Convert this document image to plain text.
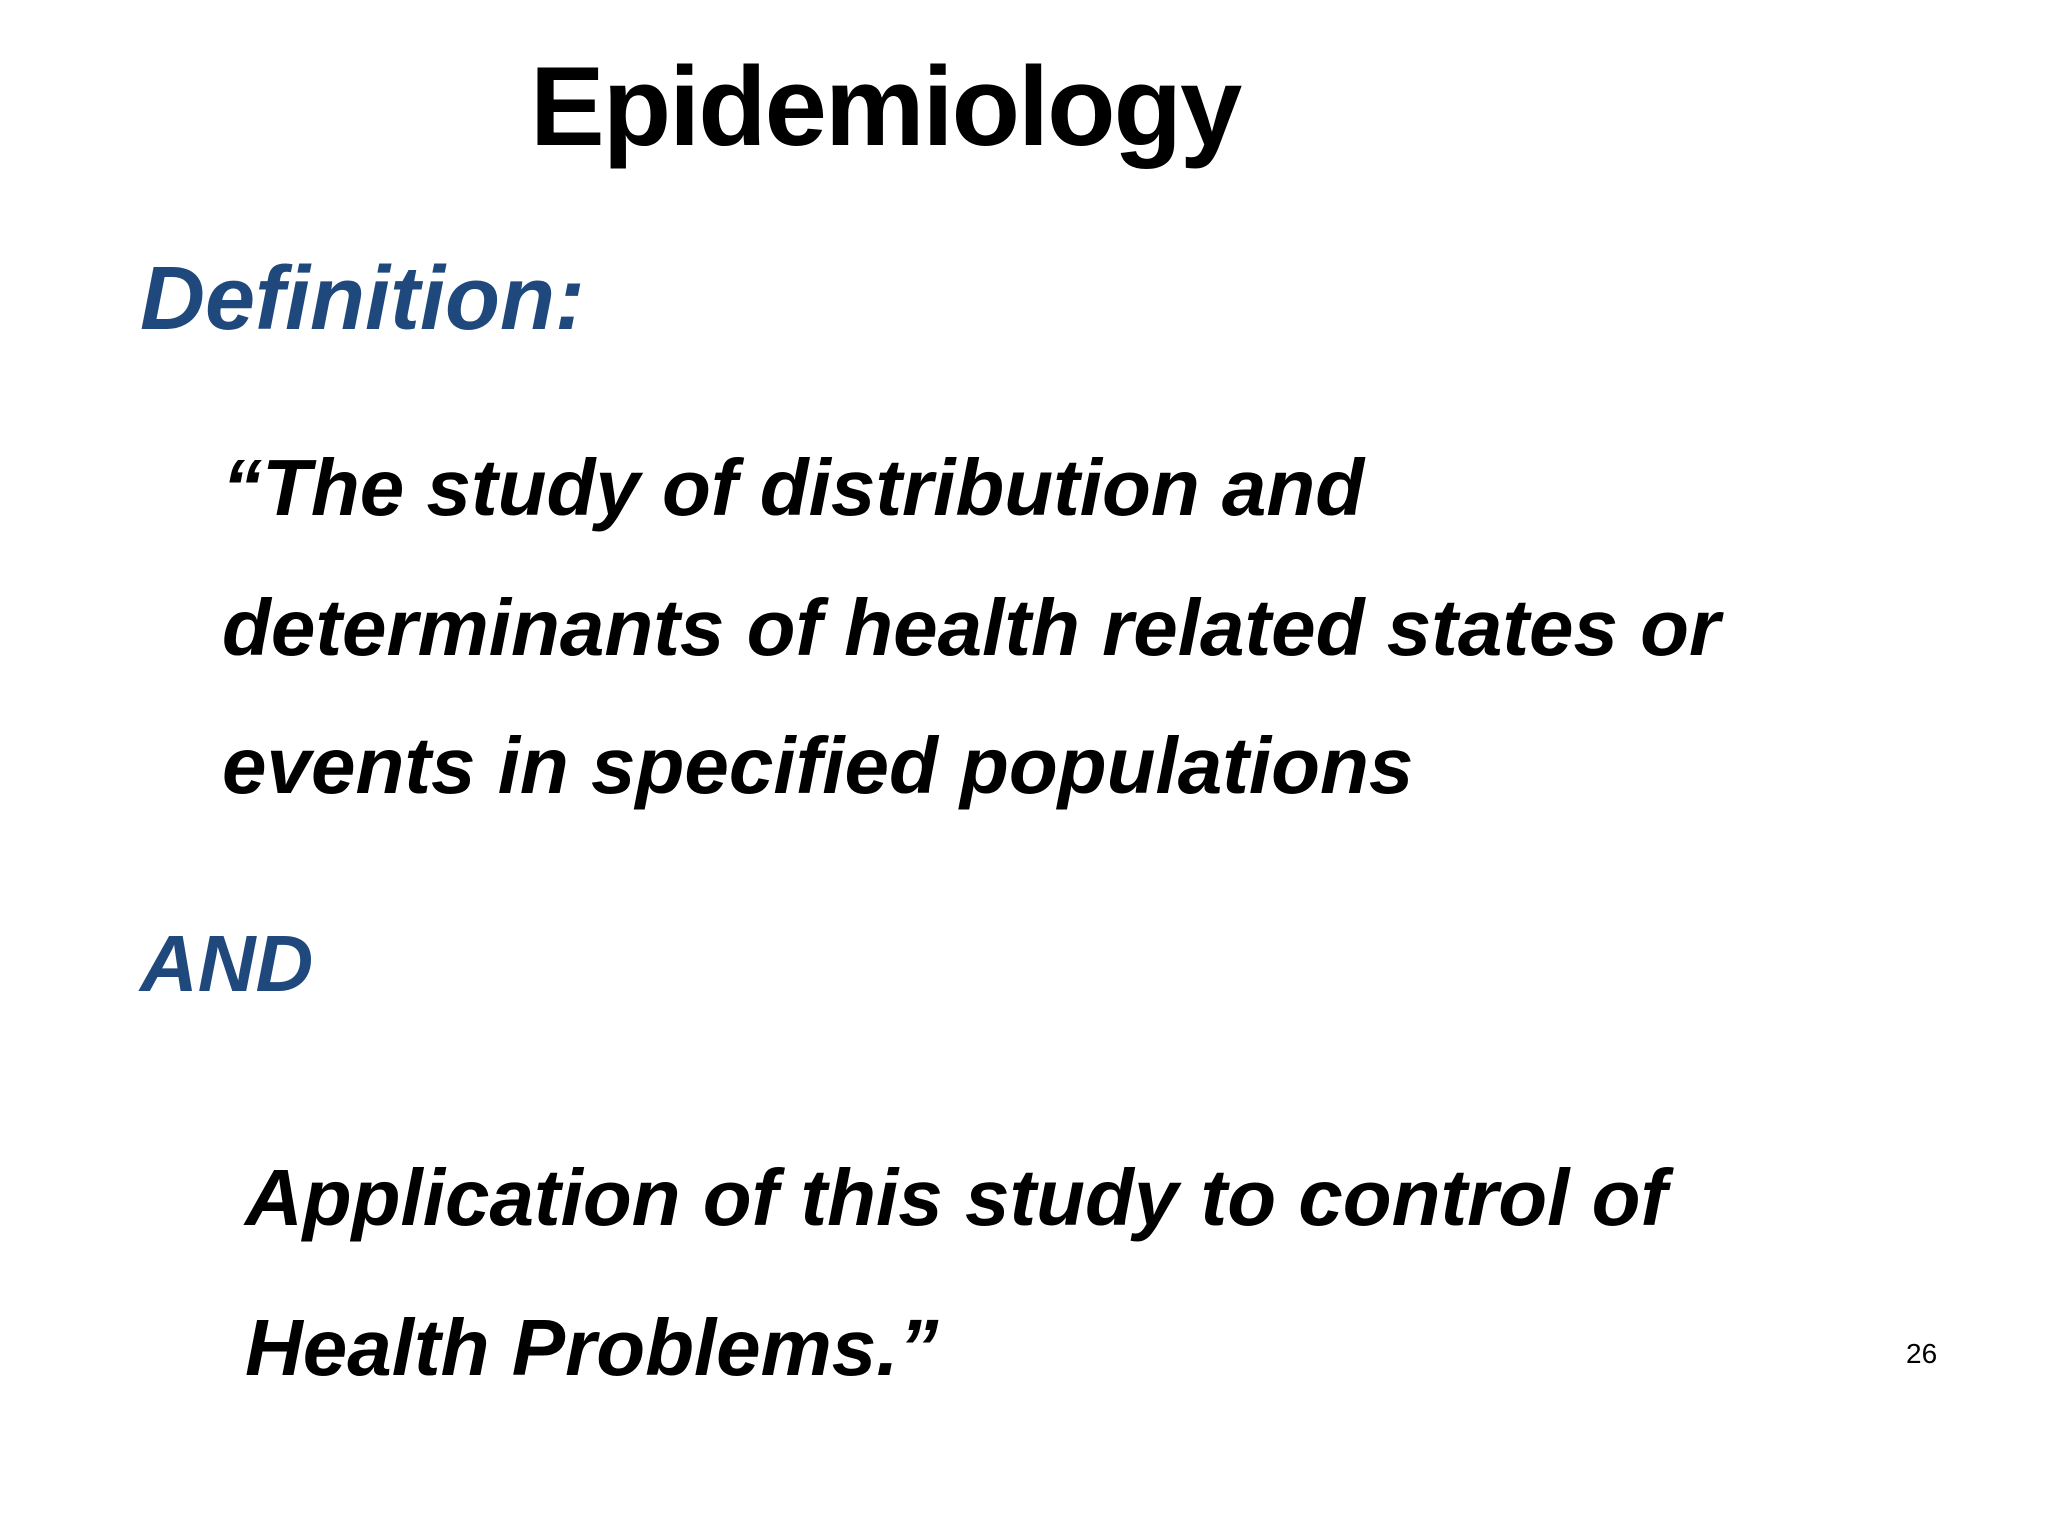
Epidemiology
Definition:
“The study of distribution and
determinants of health related states or
events in specified populations
AND
Application of this study to control of
Health Problems.”	26
